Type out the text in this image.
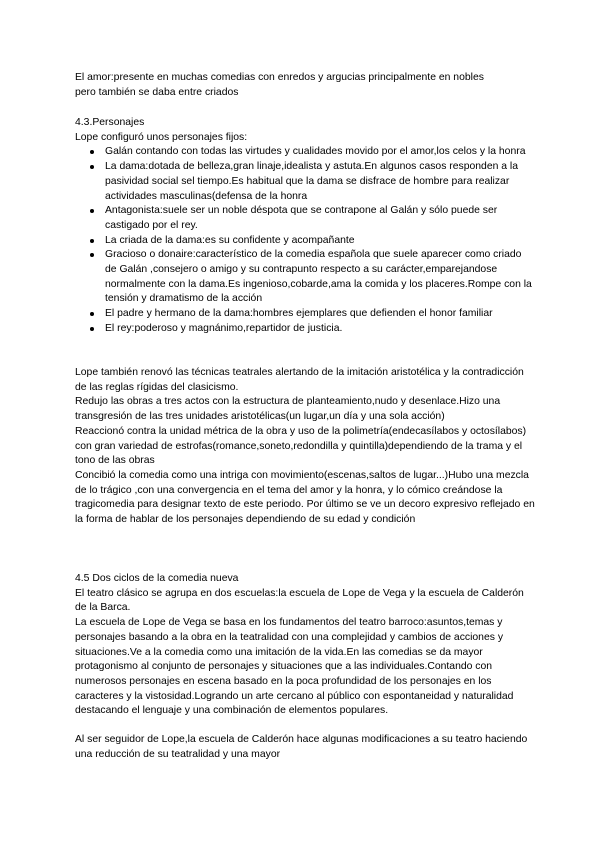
El amor:presente en muchas comedias con enredos y argucias principalmente en nobles

pero también se daba entre criados

4.3.Personajes

Lope configuró unos personajes fijos:

Galán contando con todas las virtudes y cualidades movido por el amor,los celos y la honra
La dama:dotada de belleza,gran linaje,idealista y astuta.En algunos casos responden a la pasividad social sel tiempo.Es habitual que la dama se disfrace de hombre para realizar actividades masculinas(defensa de la honra
Antagonista:suele ser un noble déspota que se contrapone al Galán y sólo puede ser castigado por el rey.
La criada de la dama:es su confidente y acompañante
Gracioso o donaire:característico de la comedia española que suele aparecer como criado de Galán ,consejero o amigo y su contrapunto respecto a su carácter,emparejandose normalmente con la dama.Es ingenioso,cobarde,ama la comida y los placeres.Rompe con la tensión y dramatismo de la acción
El padre y hermano de la dama:hombres ejemplares que defienden el honor familiar
El rey:poderoso y magnánimo,repartidor de justicia.

Lope también renovó las técnicas teatrales alertando de la imitación aristotélica y la contradicción de las reglas rígidas del clasicismo.

Redujo las obras a tres actos con la estructura de planteamiento,nudo y desenlace.Hizo una transgresión de las tres unidades aristotélicas(un lugar,un día y una sola acción)

Reaccionó contra la unidad métrica de la obra y uso de la polimetría(endecasílabos y octosílabos) con gran variedad de estrofas(romance,soneto,redondilla y quintilla)dependiendo de la trama y el tono de las obras

Concibió la comedia como una intriga con movimiento(escenas,saltos de lugar...)Hubo una mezcla de lo trágico ,con una convergencia en el tema del amor y la honra, y lo cómico creándose la tragicomedia para designar texto de este periodo. Por último se ve un decoro expresivo reflejado en la forma de hablar de los personajes dependiendo de su edad y condición

4.5 Dos ciclos de la comedia nueva

El teatro clásico se agrupa en dos escuelas:la escuela de Lope de Vega y la escuela de Calderón de la Barca.

La escuela de Lope de Vega se basa en los fundamentos del teatro barroco:asuntos,temas y personajes basando a la obra en la teatralidad con una complejidad y cambios de acciones y situaciones.Ve a la comedia como una imitación de la vida.En las comedias se da mayor protagonismo al conjunto de personajes y situaciones que a las individuales.Contando con numerosos personajes en escena basado en la poca profundidad de los personajes en los caracteres y la vistosidad.Logrando un arte cercano al público con espontaneidad y naturalidad destacando el lenguaje y una combinación de elementos populares.

Al ser seguidor de Lope,la escuela de Calderón hace algunas modificaciones a su teatro haciendo una reducción de su teatralidad y una mayor
